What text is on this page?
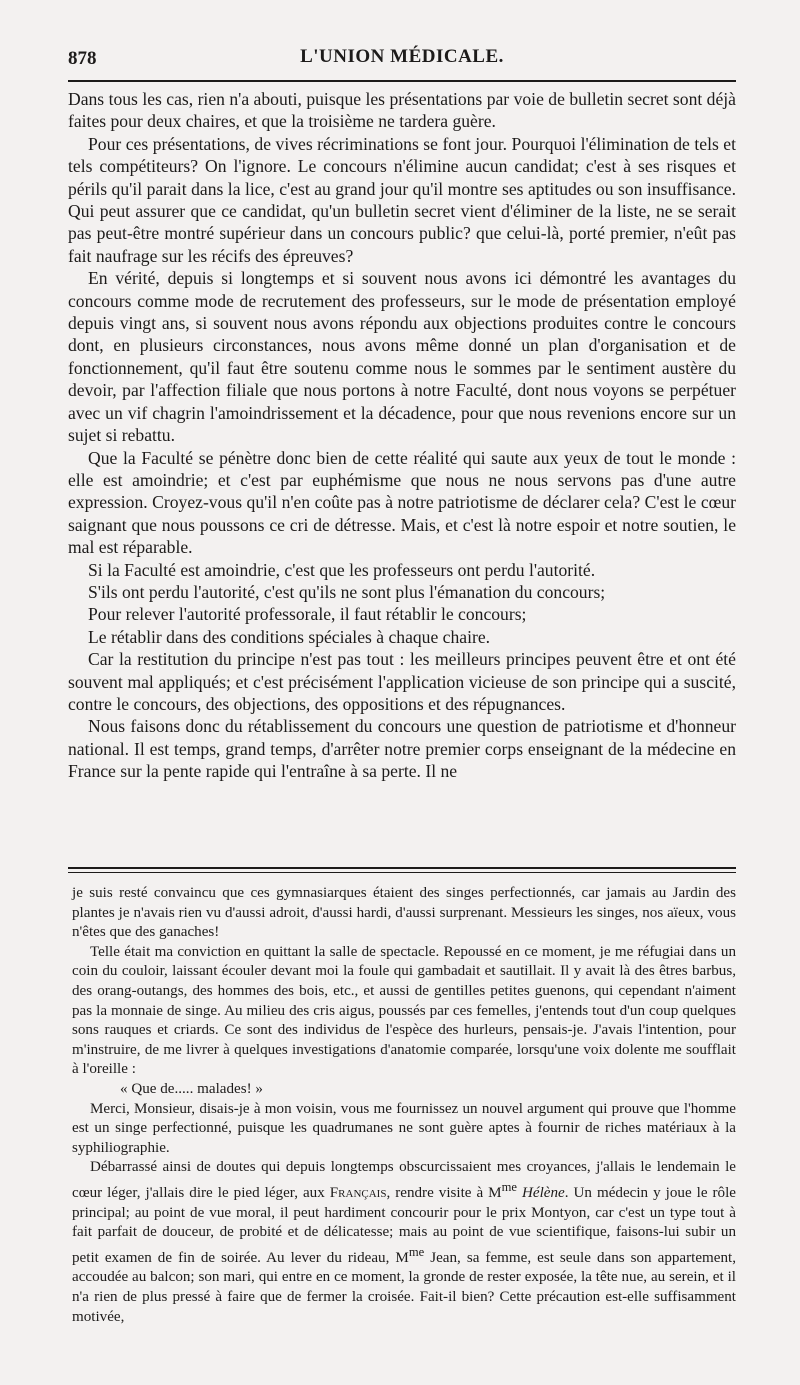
878	L'UNION MÉDICALE.

Dans tous les cas, rien n'a abouti, puisque les présentations par voie de bulletin secret sont déjà faites pour deux chaires, et que la troisième ne tardera guère.

Pour ces présentations, de vives récriminations se font jour. Pourquoi l'élimination de tels et tels compétiteurs? On l'ignore. Le concours n'élimine aucun candidat; c'est à ses risques et périls qu'il parait dans la lice, c'est au grand jour qu'il montre ses aptitudes ou son insuffisance. Qui peut assurer que ce candidat, qu'un bulletin secret vient d'éliminer de la liste, ne se serait pas peut-être montré supérieur dans un concours public? que celui-là, porté premier, n'eût pas fait naufrage sur les récifs des épreuves?

En vérité, depuis si longtemps et si souvent nous avons ici démontré les avantages du concours comme mode de recrutement des professeurs, sur le mode de présentation employé depuis vingt ans, si souvent nous avons répondu aux objections produites contre le concours dont, en plusieurs circonstances, nous avons même donné un plan d'organisation et de fonctionnement, qu'il faut être soutenu comme nous le sommes par le sentiment austère du devoir, par l'affection filiale que nous portons à notre Faculté, dont nous voyons se perpétuer avec un vif chagrin l'amoindrissement et la décadence, pour que nous revenions encore sur un sujet si rebattu.

Que la Faculté se pénètre donc bien de cette réalité qui saute aux yeux de tout le monde : elle est amoindrie; et c'est par euphémisme que nous ne nous servons pas d'une autre expression. Croyez-vous qu'il n'en coûte pas à notre patriotisme de déclarer cela? C'est le cœur saignant que nous poussons ce cri de détresse. Mais, et c'est là notre espoir et notre soutien, le mal est réparable.

Si la Faculté est amoindrie, c'est que les professeurs ont perdu l'autorité.

S'ils ont perdu l'autorité, c'est qu'ils ne sont plus l'émanation du concours;

Pour relever l'autorité professorale, il faut rétablir le concours;

Le rétablir dans des conditions spéciales à chaque chaire.

Car la restitution du principe n'est pas tout : les meilleurs principes peuvent être et ont été souvent mal appliqués; et c'est précisément l'application vicieuse de son principe qui a suscité, contre le concours, des objections, des oppositions et des répugnances.

Nous faisons donc du rétablissement du concours une question de patriotisme et d'honneur national. Il est temps, grand temps, d'arrêter notre premier corps enseignant de la médecine en France sur la pente rapide qui l'entraîne à sa perte. Il ne

je suis resté convaincu que ces gymnasiarques étaient des singes perfectionnés, car jamais au Jardin des plantes je n'avais rien vu d'aussi adroit, d'aussi hardi, d'aussi surprenant. Messieurs les singes, nos aïeux, vous n'êtes que des ganaches!

Telle était ma conviction en quittant la salle de spectacle. Repoussé en ce moment, je me réfugiai dans un coin du couloir, laissant écouler devant moi la foule qui gambadait et sautillait. Il y avait là des êtres barbus, des orang-outangs, des hommes des bois, etc., et aussi de gentilles petites guenons, qui cependant n'aiment pas la monnaie de singe. Au milieu des cris aigus, poussés par ces femelles, j'entends tout d'un coup quelques sons rauques et criards. Ce sont des individus de l'espèce des hurleurs, pensais-je. J'avais l'intention, pour m'instruire, de me livrer à quelques investigations d'anatomie comparée, lorsqu'une voix dolente me soufflait à l'oreille :

« Que de..... malades! »

Merci, Monsieur, disais-je à mon voisin, vous me fournissez un nouvel argument qui prouve que l'homme est un singe perfectionné, puisque les quadrumanes ne sont guère aptes à fournir de riches matériaux à la syphiliographie.

Débarrassé ainsi de doutes qui depuis longtemps obscurcissaient mes croyances, j'allais le lendemain le cœur léger, j'allais dire le pied léger, aux Français, rendre visite à $M^{me}$ Hélène. Un médecin y joue le rôle principal; au point de vue moral, il peut hardiment concourir pour le prix Montyon, car c'est un type tout à fait parfait de douceur, de probité et de délicatesse; mais au point de vue scientifique, faisons-lui subir un petit examen de fin de soirée. Au lever du rideau, $M^{me}$ Jean, sa femme, est seule dans son appartement, accoudée au balcon; son mari, qui entre en ce moment, la gronde de rester exposée, la tête nue, au serein, et il n'a rien de plus pressé à faire que de fermer la croisée. Fait-il bien? Cette précaution est-elle suffisamment motivée,
